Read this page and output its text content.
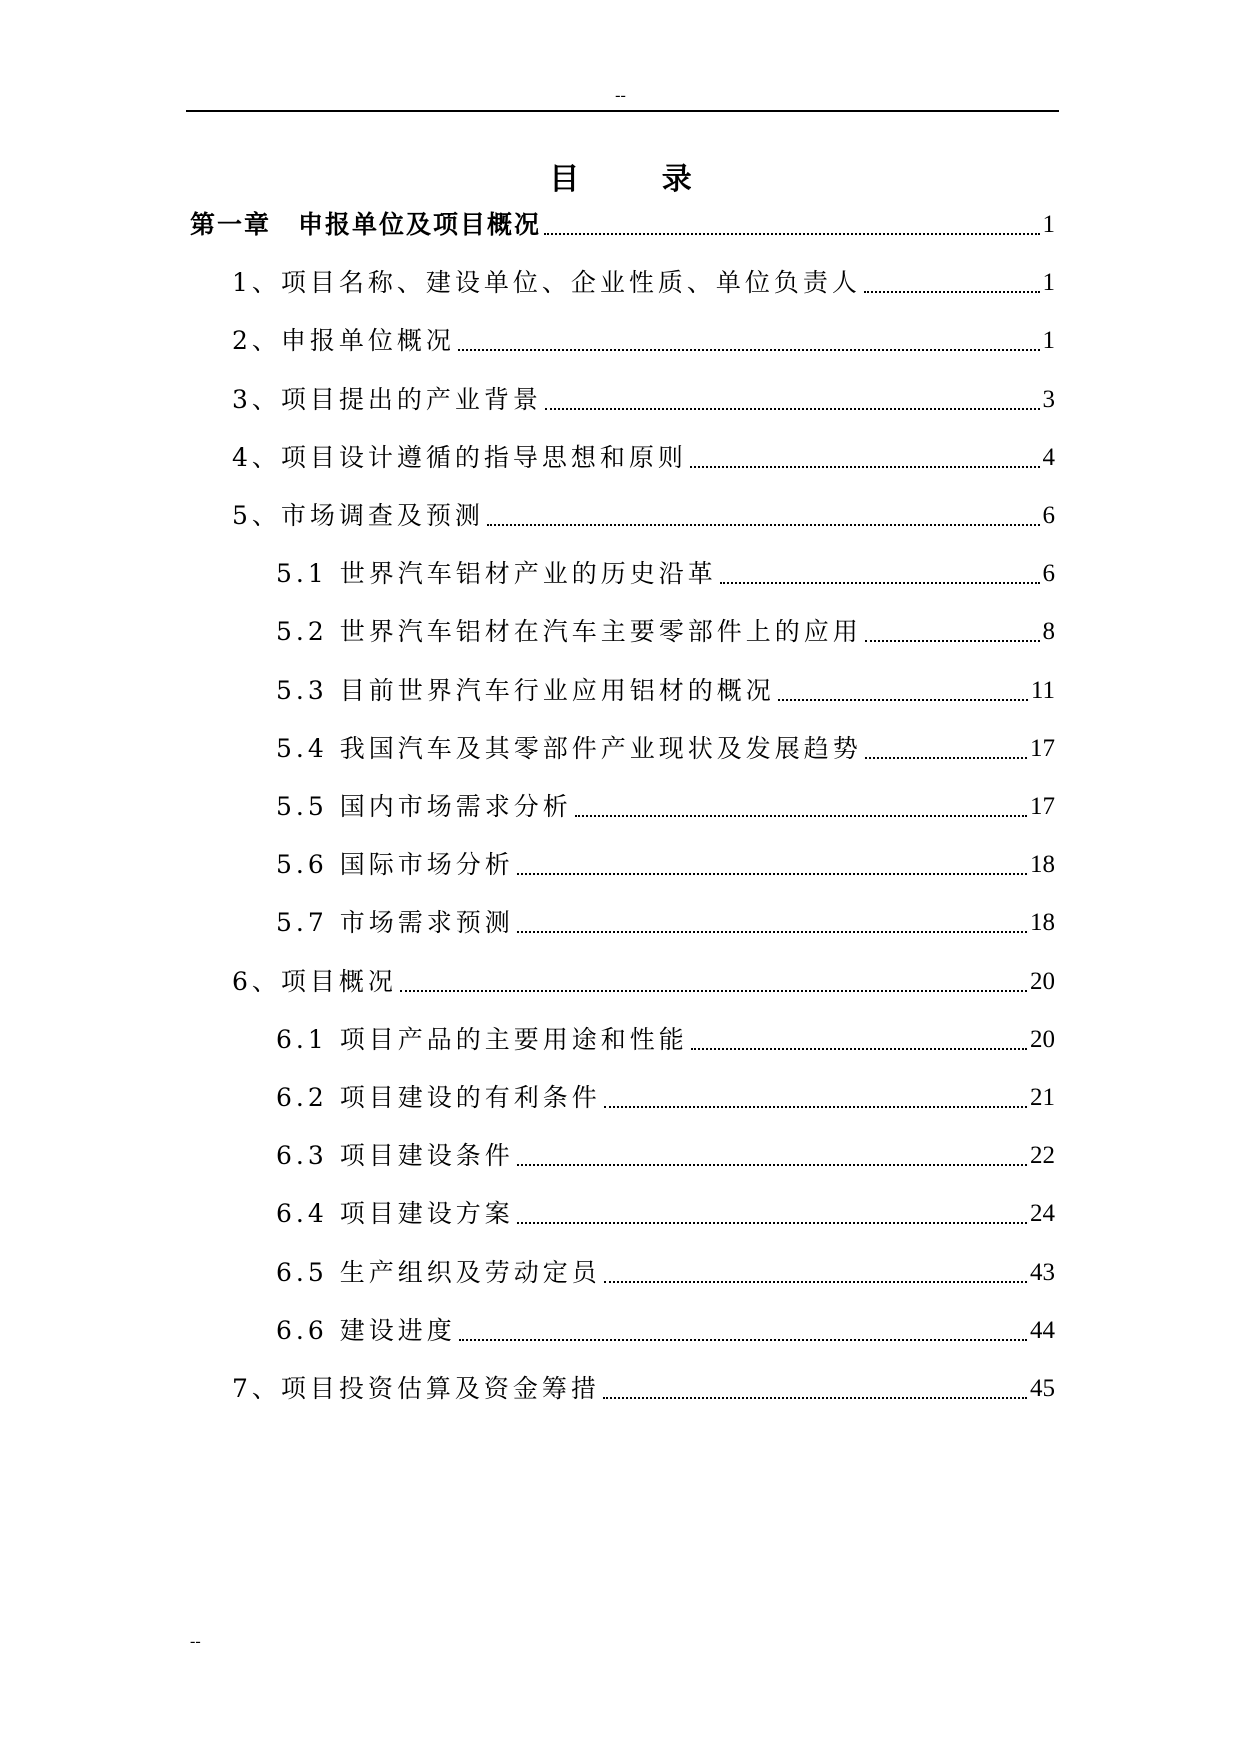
--
目 录
第一章　申报单位及项目概况	1
1、项目名称、建设单位、企业性质、单位负责人	1
2、申报单位概况	1
3、项目提出的产业背景	3
4、项目设计遵循的指导思想和原则	4
5、市场调查及预测	6
5.1 世界汽车铝材产业的历史沿革	6
5.2 世界汽车铝材在汽车主要零部件上的应用	8
5.3 目前世界汽车行业应用铝材的概况	11
5.4 我国汽车及其零部件产业现状及发展趋势	17
5.5 国内市场需求分析	17
5.6 国际市场分析	18
5.7 市场需求预测	18
6、项目概况	20
6.1 项目产品的主要用途和性能	20
6.2 项目建设的有利条件	21
6.3 项目建设条件	22
6.4 项目建设方案	24
6.5 生产组织及劳动定员	43
6.6 建设进度	44
7、项目投资估算及资金筹措	45
--
